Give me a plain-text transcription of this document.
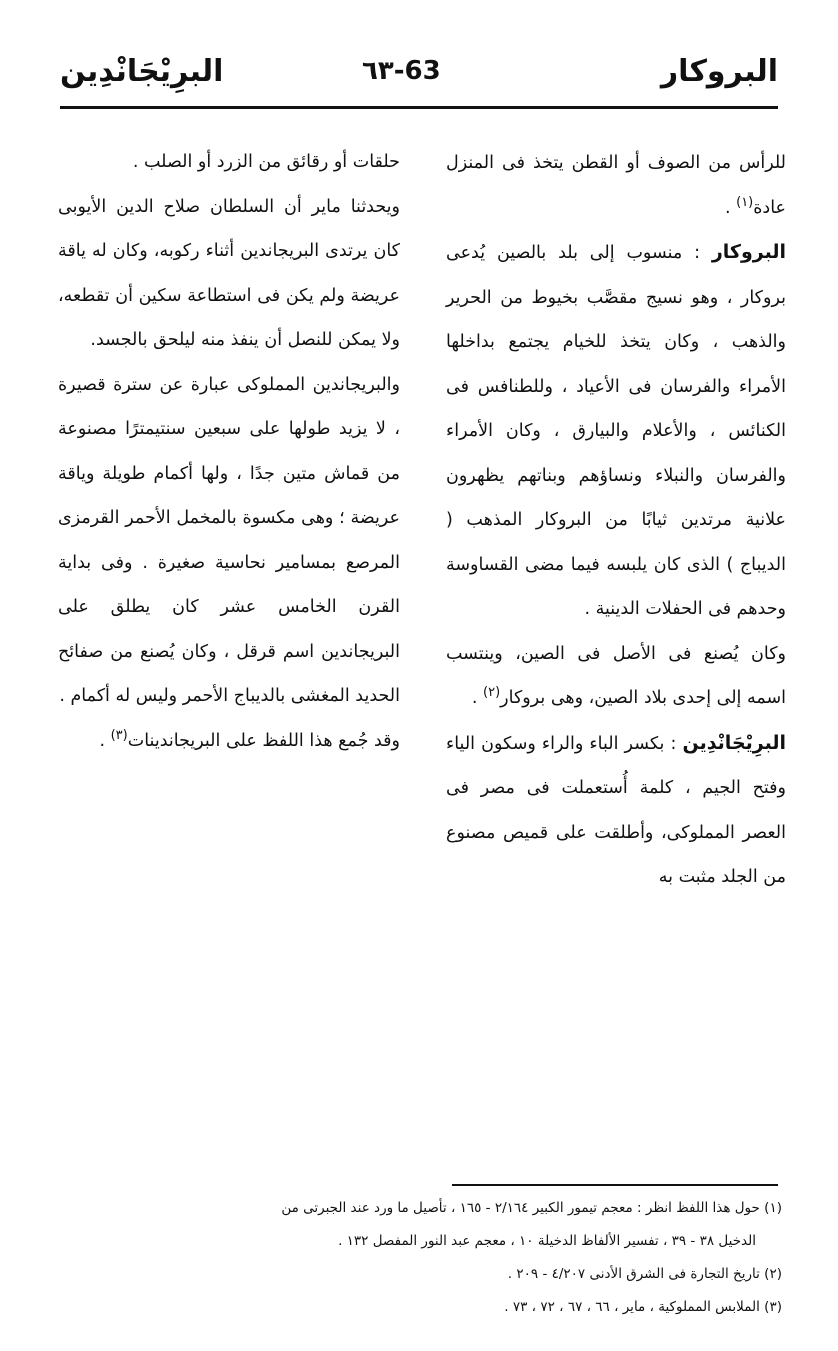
البروكار
٦٣-63
البرِيْجَانْدِين

للرأس من الصوف أو القطن يتخذ فى المنزل عادة$^{(١)}$ .

البروكار : منسوب إلى بلد بالصين يُدعى بروكار ، وهو نسيج مقصَّب بخيوط من الحرير والذهب ، وكان يتخذ للخيام يجتمع بداخلها الأمراء والفرسان فى الأعياد ، وللطنافس فى الكنائس ، والأعلام والبيارق ، وكان الأمراء والفرسان والنبلاء ونساؤهم وبناتهم يظهرون علانية مرتدين ثيابًا من البروكار المذهب ( الديباج ) الذى كان يلبسه فيما مضى القساوسة وحدهم فى الحفلات الدينية .

وكان يُصنع فى الأصل فى الصين، وينتسب اسمه إلى إحدى بلاد الصين، وهى بروكار$^{(٢)}$ .

البرِيْجَانْدِين : بكسر الباء والراء وسكون الياء وفتح الجيم ، كلمة أُستعملت فى مصر فى العصر المملوكى، وأطلقت على قميص مصنوع من الجلد مثبت به

حلقات أو رقائق من الزرد أو الصلب .

ويحدثنا ماير أن السلطان صلاح الدين الأيوبى كان يرتدى البريجاندين أثناء ركوبه، وكان له ياقة عريضة ولم يكن فى استطاعة سكين أن تقطعه، ولا يمكن للنصل أن ينفذ منه ليلحق بالجسد.

والبريجاندين المملوكى عبارة عن سترة قصيرة ، لا يزيد طولها على سبعين سنتيمترًا مصنوعة من قماش متين جدًا ، ولها أكمام طويلة وياقة عريضة ؛ وهى مكسوة بالمخمل الأحمر القرمزى المرصع بمسامير نحاسية صغيرة . وفى بداية القرن الخامس عشر كان يطلق على البريجاندين اسم قرقل ، وكان يُصنع من صفائح الحديد المغشى بالديباج الأحمر وليس له أكمام .

وقد جُمع هذا اللفظ على البريجاندينات$^{(٣)}$ .

(١) حول هذا اللفظ انظر : معجم تيمور الكبير ٢/١٦٤ - ١٦٥ ، تأصيل ما ورد عند الجبرتى من

الدخيل ٣٨ - ٣٩ ، تفسير الألفاظ الدخيلة ١٠ ، معجم عبد النور المفصل ١٣٢ .

(٢) تاريخ التجارة فى الشرق الأدنى ٤/٢٠٧ - ٢٠٩ .

(٣) الملابس المملوكية ، ماير ، ٦٦ ، ٦٧ ، ٧٢ ، ٧٣ .
